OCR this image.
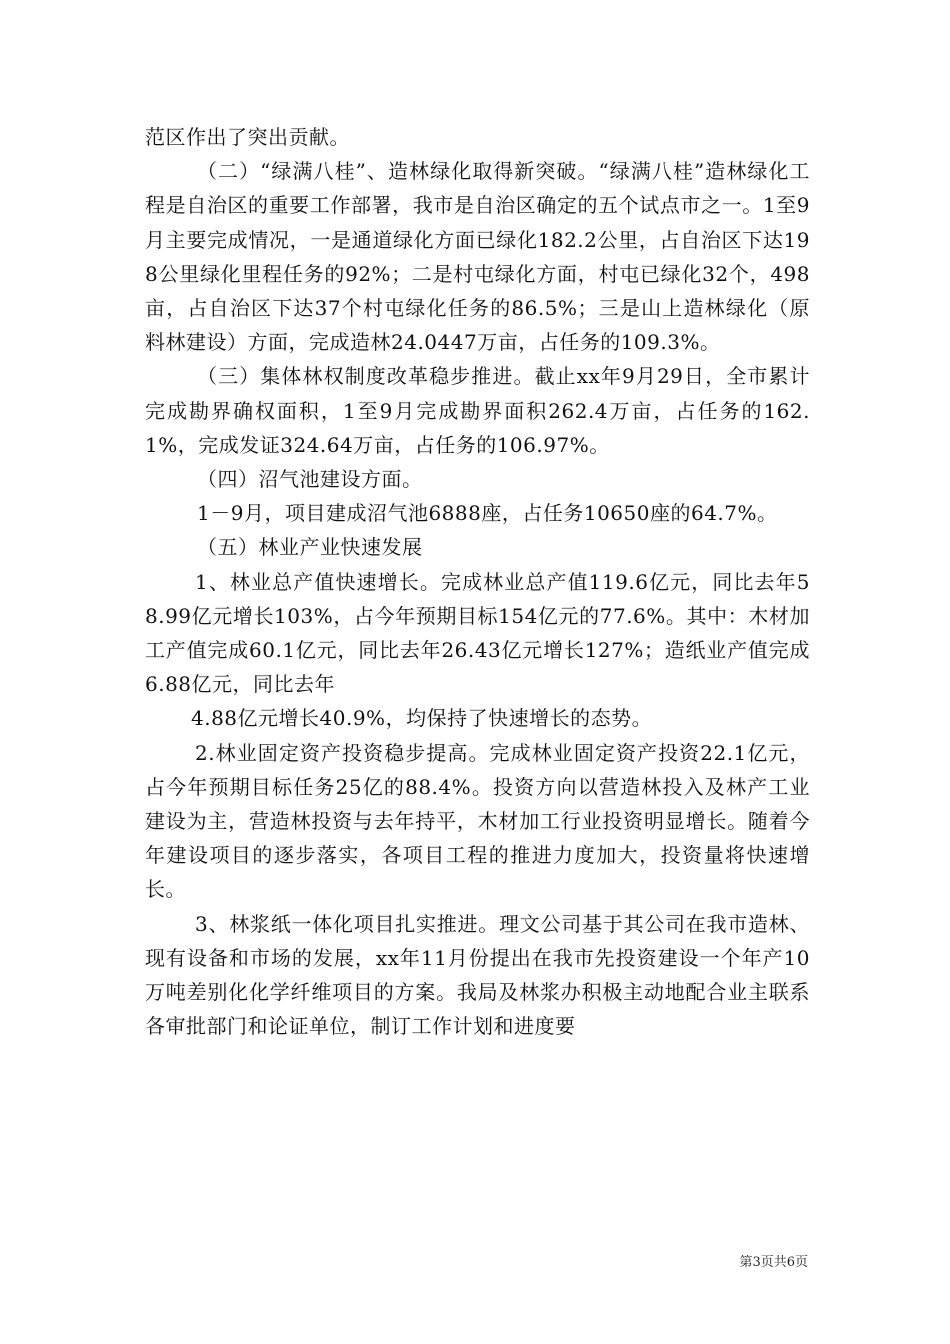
范区作出了突出贡献。

（二）“绿满八桂”、造林绿化取得新突破。“绿满八桂”造林绿化工程是自治区的重要工作部署，我市是自治区确定的五个试点市之一。1至9月主要完成情况，一是通道绿化方面已绿化182.2公里，占自治区下达198公里绿化里程任务的92%；二是村屯绿化方面，村屯已绿化32个，498亩，占自治区下达37个村屯绿化任务的86.5%；三是山上造林绿化（原料林建设）方面，完成造林24.0447万亩，占任务的109.3%。

（三）集体林权制度改革稳步推进。截止xx年9月29日，全市累计完成勘界确权面积，1至9月完成勘界面积262.4万亩，占任务的162.1%，完成发证324.64万亩，占任务的106.97%。

（四）沼气池建设方面。

1－9月，项目建成沼气池6888座，占任务10650座的64.7%。

（五）林业产业快速发展

1、林业总产值快速增长。完成林业总产值119.6亿元，同比去年58.99亿元增长103%，占今年预期目标154亿元的77.6%。其中：木材加工产值完成60.1亿元，同比去年26.43亿元增长127%；造纸业产值完成6.88亿元，同比去年

4.88亿元增长40.9%，均保持了快速增长的态势。

2.林业固定资产投资稳步提高。完成林业固定资产投资22.1亿元，占今年预期目标任务25亿的88.4%。投资方向以营造林投入及林产工业建设为主，营造林投资与去年持平，木材加工行业投资明显增长。随着今年建设项目的逐步落实，各项目工程的推进力度加大，投资量将快速增长。

3、林浆纸一体化项目扎实推进。理文公司基于其公司在我市造林、现有设备和市场的发展，xx年11月份提出在我市先投资建设一个年产10万吨差别化化学纤维项目的方案。我局及林浆办积极主动地配合业主联系各审批部门和论证单位，制订工作计划和进度要

第3页共6页
